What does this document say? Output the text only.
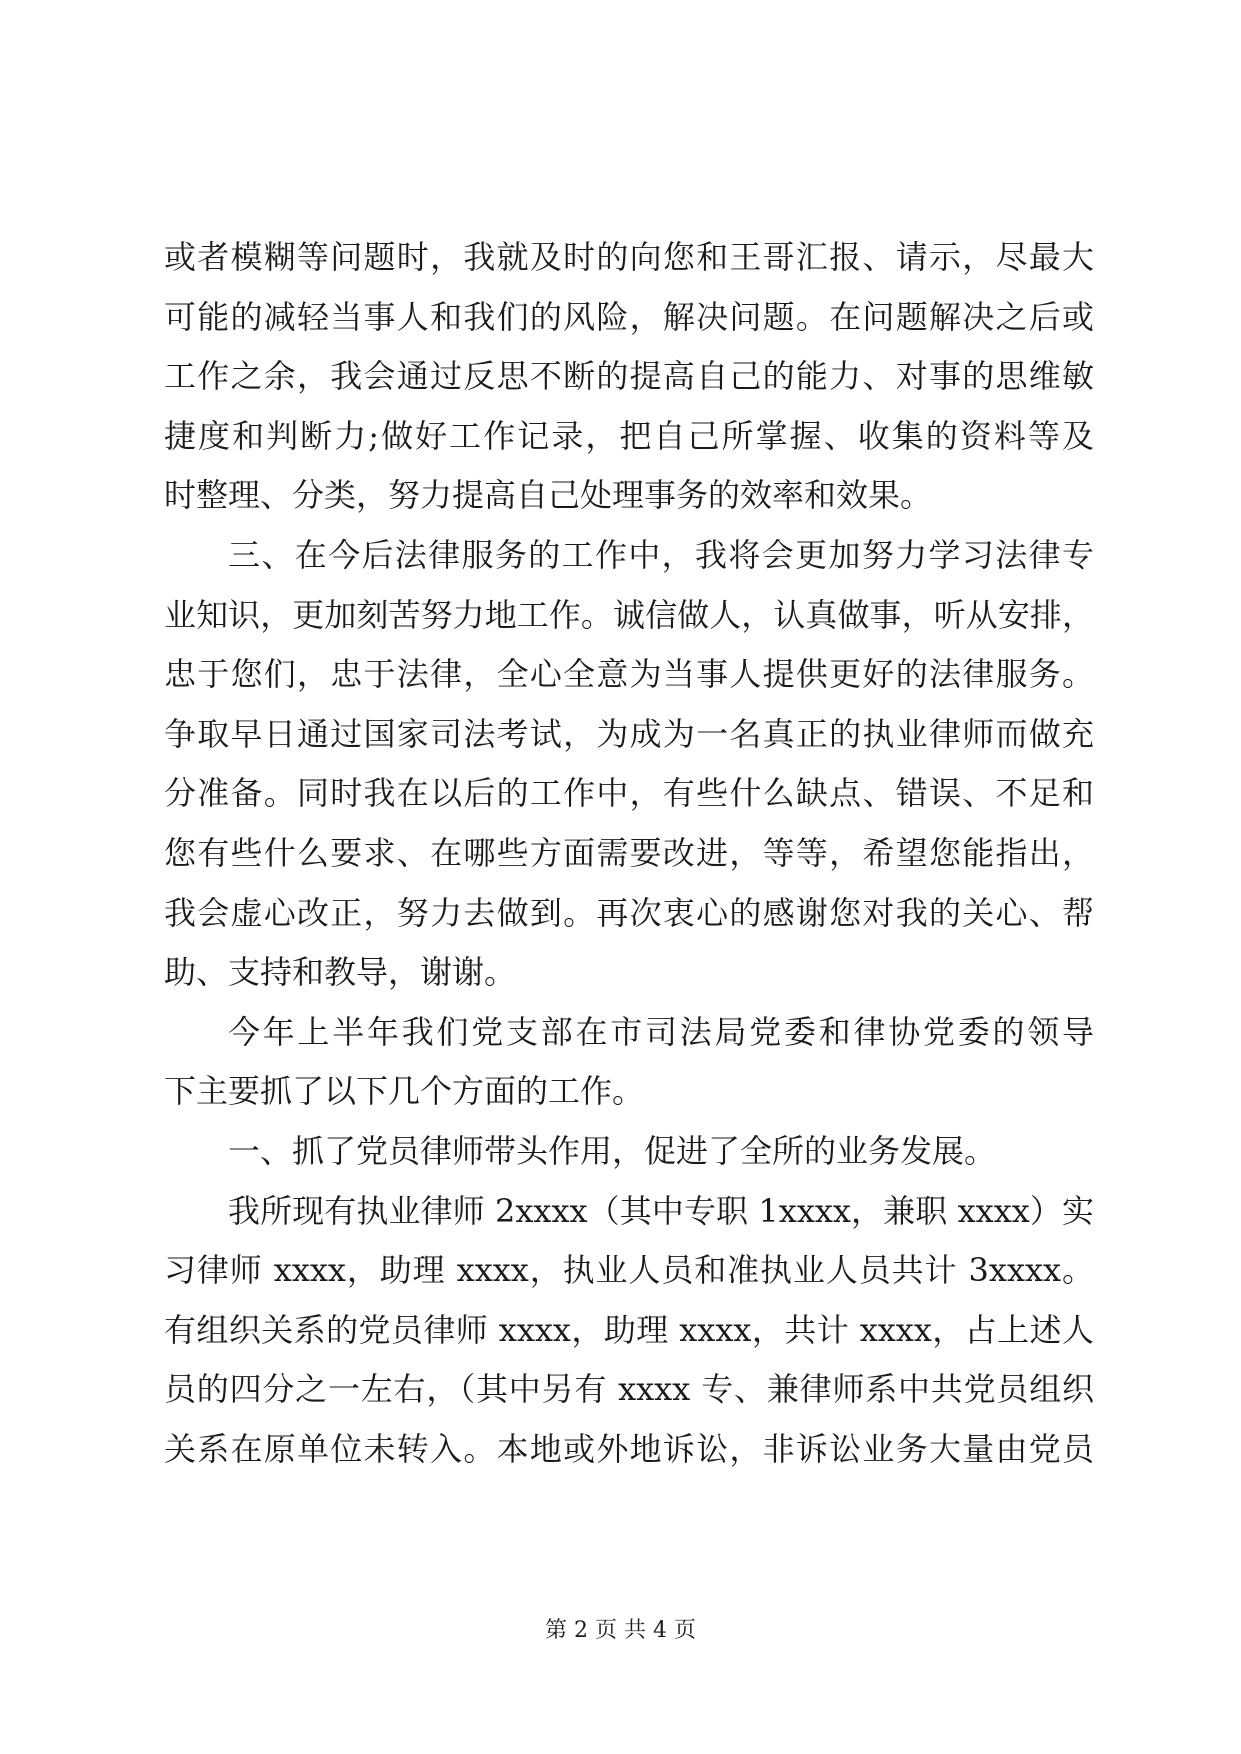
或者模糊等问题时，我就及时的向您和王哥汇报、请示，尽最大
可能的减轻当事人和我们的风险，解决问题。在问题解决之后或
工作之余，我会通过反思不断的提高自己的能力、对事的思维敏
捷度和判断力;做好工作记录，把自己所掌握、收集的资料等及
时整理、分类，努力提高自己处理事务的效率和效果。
三、在今后法律服务的工作中，我将会更加努力学习法律专
业知识，更加刻苦努力地工作。诚信做人，认真做事，听从安排，
忠于您们，忠于法律，全心全意为当事人提供更好的法律服务。
争取早日通过国家司法考试，为成为一名真正的执业律师而做充
分准备。同时我在以后的工作中，有些什么缺点、错误、不足和
您有些什么要求、在哪些方面需要改进，等等，希望您能指出，
我会虚心改正，努力去做到。再次衷心的感谢您对我的关心、帮
助、支持和教导，谢谢。
今年上半年我们党支部在市司法局党委和律协党委的领导
下主要抓了以下几个方面的工作。
一、抓了党员律师带头作用，促进了全所的业务发展。
我所现有执业律师 2xxxx（其中专职 1xxxx，兼职 xxxx）实
习律师 xxxx，助理 xxxx，执业人员和准执业人员共计 3xxxx。
有组织关系的党员律师 xxxx，助理 xxxx，共计 xxxx，占上述人
员的四分之一左右，（其中另有 xxxx 专、兼律师系中共党员组织
关系在原单位未转入。本地或外地诉讼，非诉讼业务大量由党员
第 2 页 共 4 页
